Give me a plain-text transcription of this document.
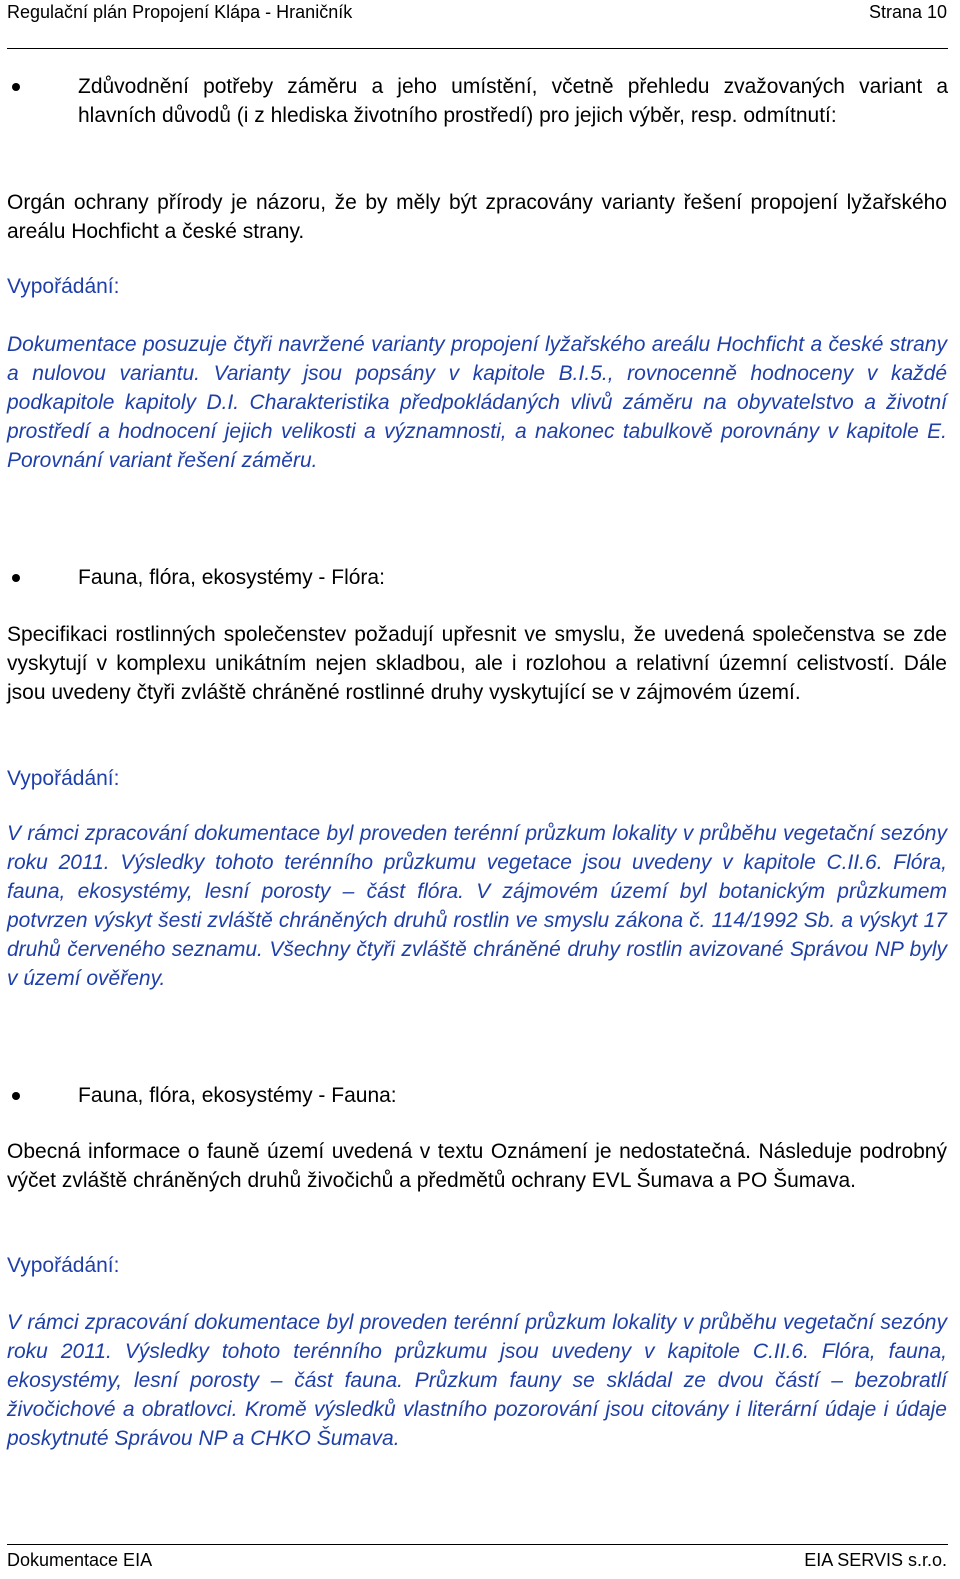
Regulační plán Propojení Klápa - Hraničník	Strana 10
Zdůvodnění potřeby záměru a jeho umístění, včetně přehledu zvažovaných variant a hlavních důvodů (i z hlediska životního prostředí) pro jejich výběr, resp. odmítnutí:
Orgán ochrany přírody je názoru, že by měly být zpracovány varianty řešení propojení lyžařského areálu Hochficht a české strany.
Vypořádání:
Dokumentace posuzuje čtyři navržené varianty propojení lyžařského areálu Hochficht a české strany a nulovou variantu. Varianty jsou popsány v kapitole B.I.5., rovnocenně hodnoceny v každé podkapitole kapitoly D.I. Charakteristika předpokládaných vlivů záměru na obyvatelstvo a životní prostředí a hodnocení jejich velikosti a významnosti, a nakonec tabulkově porovnány v kapitole E. Porovnání variant řešení záměru.
Fauna, flóra, ekosystémy - Flóra:
Specifikaci rostlinných společenstev požadují upřesnit ve smyslu, že uvedená společenstva se zde vyskytují v komplexu unikátním nejen skladbou, ale i rozlohou a relativní územní celistvostí. Dále jsou uvedeny čtyři zvláště chráněné rostlinné druhy vyskytující se v zájmovém území.
Vypořádání:
V rámci zpracování dokumentace byl proveden terénní průzkum lokality v průběhu vegetační sezóny roku 2011. Výsledky tohoto terénního průzkumu vegetace jsou uvedeny v kapitole C.II.6. Flóra, fauna, ekosystémy, lesní porosty – část flóra. V zájmovém území byl botanickým průzkumem potvrzen výskyt šesti zvláště chráněných druhů rostlin ve smyslu zákona č. 114/1992 Sb. a výskyt 17 druhů červeného seznamu. Všechny čtyři zvláště chráněné druhy rostlin avizované Správou NP byly v území ověřeny.
Fauna, flóra, ekosystémy - Fauna:
Obecná informace o fauně území uvedená v textu Oznámení je nedostatečná. Následuje podrobný výčet zvláště chráněných druhů živočichů a předmětů ochrany EVL Šumava a PO Šumava.
Vypořádání:
V rámci zpracování dokumentace byl proveden terénní průzkum lokality v průběhu vegetační sezóny roku 2011. Výsledky tohoto terénního průzkumu jsou uvedeny v kapitole C.II.6. Flóra, fauna, ekosystémy, lesní porosty – část fauna. Průzkum fauny se skládal ze dvou částí – bezobratlí živočichové a obratlovci. Kromě výsledků vlastního pozorování jsou citovány i literární údaje i údaje poskytnuté Správou NP a CHKO Šumava.
Dokumentace EIA	EIA SERVIS s.r.o.
